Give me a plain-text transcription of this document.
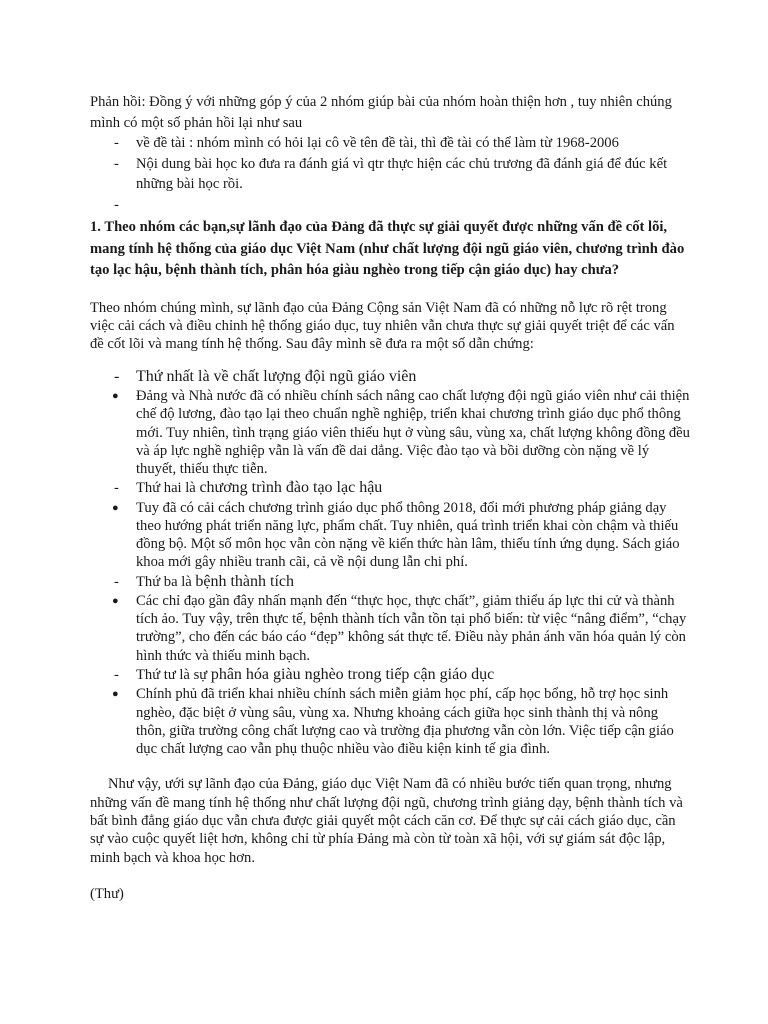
Phản hồi: Đồng ý với những góp ý của 2 nhóm giúp bài của nhóm hoàn thiện hơn , tuy nhiên chúng mình có một số phản hồi lại như sau

- về đề tài : nhóm mình có hỏi lại cô về tên đề tài, thì đề tài có thể làm từ 1968-2006
- Nội dung bài học ko đưa ra đánh giá vì qtr thực hiện các chủ trương đã đánh giá để đúc kết những bài học rồi.
-

1. Theo nhóm các bạn,sự lãnh đạo của Đảng đã thực sự giải quyết được những vấn đề cốt lõi, mang tính hệ thống của giáo dục Việt Nam (như chất lượng đội ngũ giáo viên, chương trình đào tạo lạc hậu, bệnh thành tích, phân hóa giàu nghèo trong tiếp cận giáo dục) hay chưa?

Theo nhóm chúng mình, sự lãnh đạo của Đảng Cộng sản Việt Nam đã có những nỗ lực rõ rệt trong việc cải cách và điều chỉnh hệ thống giáo dục, tuy nhiên vẫn chưa thực sự giải quyết triệt để các vấn đề cốt lõi và mang tính hệ thống. Sau đây mình sẽ đưa ra một số dẫn chứng:

- Thứ nhất là về chất lượng đội ngũ giáo viên
● Đảng và Nhà nước đã có nhiều chính sách nâng cao chất lượng đội ngũ giáo viên như cải thiện chế độ lương, đào tạo lại theo chuẩn nghề nghiệp, triển khai chương trình giáo dục phổ thông mới. Tuy nhiên, tình trạng giáo viên thiếu hụt ở vùng sâu, vùng xa, chất lượng không đồng đều và áp lực nghề nghiệp vẫn là vấn đề dai dẳng. Việc đào tạo và bồi dưỡng còn nặng về lý thuyết, thiếu thực tiễn.
- Thứ hai là chương trình đào tạo lạc hậu
● Tuy đã có cải cách chương trình giáo dục phổ thông 2018, đổi mới phương pháp giảng dạy theo hướng phát triển năng lực, phẩm chất. Tuy nhiên, quá trình triển khai còn chậm và thiếu đồng bộ. Một số môn học vẫn còn nặng về kiến thức hàn lâm, thiếu tính ứng dụng. Sách giáo khoa mới gây nhiều tranh cãi, cả về nội dung lẫn chi phí.
- Thứ ba là bệnh thành tích
● Các chỉ đạo gần đây nhấn mạnh đến “thực học, thực chất”, giảm thiểu áp lực thi cử và thành tích ảo. Tuy vậy, trên thực tế, bệnh thành tích vẫn tồn tại phổ biến: từ việc “nâng điểm”, “chạy trường”, cho đến các báo cáo “đẹp” không sát thực tế. Điều này phản ánh văn hóa quản lý còn hình thức và thiếu minh bạch.
- Thứ tư là sự phân hóa giàu nghèo trong tiếp cận giáo dục
● Chính phủ đã triển khai nhiều chính sách miễn giảm học phí, cấp học bổng, hỗ trợ học sinh nghèo, đặc biệt ở vùng sâu, vùng xa. Nhưng khoảng cách giữa học sinh thành thị và nông thôn, giữa trường công chất lượng cao và trường địa phương vẫn còn lớn. Việc tiếp cận giáo dục chất lượng cao vẫn phụ thuộc nhiều vào điều kiện kinh tế gia đình.

Như vậy, ưới sự lãnh đạo của Đảng, giáo dục Việt Nam đã có nhiều bước tiến quan trọng, nhưng những vấn đề mang tính hệ thống như chất lượng đội ngũ, chương trình giảng dạy, bệnh thành tích và bất bình đẳng giáo dục vẫn chưa được giải quyết một cách căn cơ. Để thực sự cải cách giáo dục, cần sự vào cuộc quyết liệt hơn, không chỉ từ phía Đảng mà còn từ toàn xã hội, với sự giám sát độc lập, minh bạch và khoa học hơn.

(Thư)
